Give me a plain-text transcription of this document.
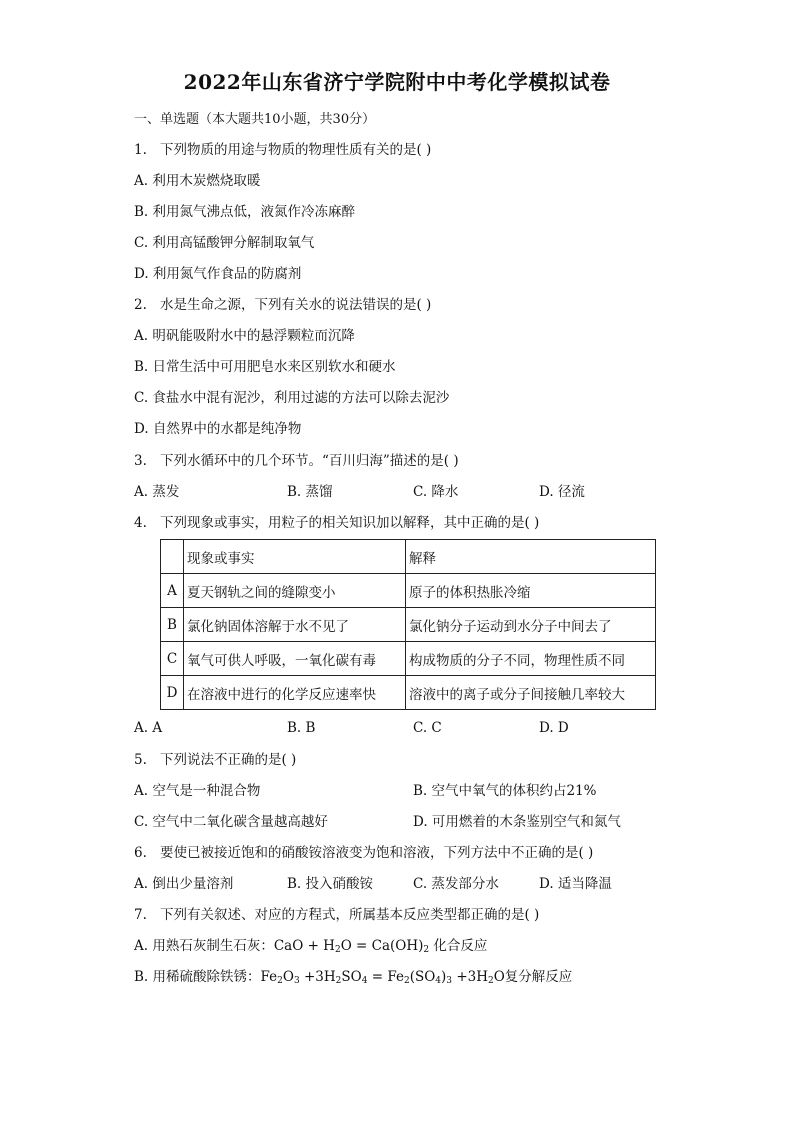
2022年山东省济宁学院附中中考化学模拟试卷
一、单选题（本大题共10小题，共30分）
1. 下列物质的用途与物质的物理性质有关的是( )
A. 利用木炭燃烧取暖
B. 利用氮气沸点低，液氮作冷冻麻醉
C. 利用高锰酸钾分解制取氧气
D. 利用氮气作食品的防腐剂
2. 水是生命之源，下列有关水的说法错误的是( )
A. 明矾能吸附水中的悬浮颗粒而沉降
B. 日常生活中可用肥皂水来区别软水和硬水
C. 食盐水中混有泥沙，利用过滤的方法可以除去泥沙
D. 自然界中的水都是纯净物
3. 下列水循环中的几个环节。“百川归海”描述的是( )
A. 蒸发	B. 蒸馏	C. 降水	D. 径流
4. 下列现象或事实，用粒子的相关知识加以解释，其中正确的是( )
	现象或事实	解释
A	夏天钢轨之间的缝隙变小	原子的体积热胀冷缩
B	氯化钠固体溶解于水不见了	氯化钠分子运动到水分子中间去了
C	氧气可供人呼吸，一氧化碳有毒	构成物质的分子不同，物理性质不同
D	在溶液中进行的化学反应速率快	溶液中的离子或分子间接触几率较大
A. A	B. B	C. C	D. D
5. 下列说法不正确的是( )
A. 空气是一种混合物	B. 空气中氧气的体积约占21%
C. 空气中二氧化碳含量越高越好	D. 可用燃着的木条鉴别空气和氮气
6. 要使已被接近饱和的硝酸铵溶液变为饱和溶液，下列方法中不正确的是( )
A. 倒出少量溶剂	B. 投入硝酸铵	C. 蒸发部分水	D. 适当降温
7. 下列有关叙述、对应的方程式，所属基本反应类型都正确的是( )
A. 用熟石灰制生石灰：CaO + $H_2O = Ca(OH)_2$ 化合反应
B. 用稀硫酸除铁锈：$Fe_2O_3 +3H_2SO_4 = Fe_2(SO_4)_3 +3H_2O$复分解反应
